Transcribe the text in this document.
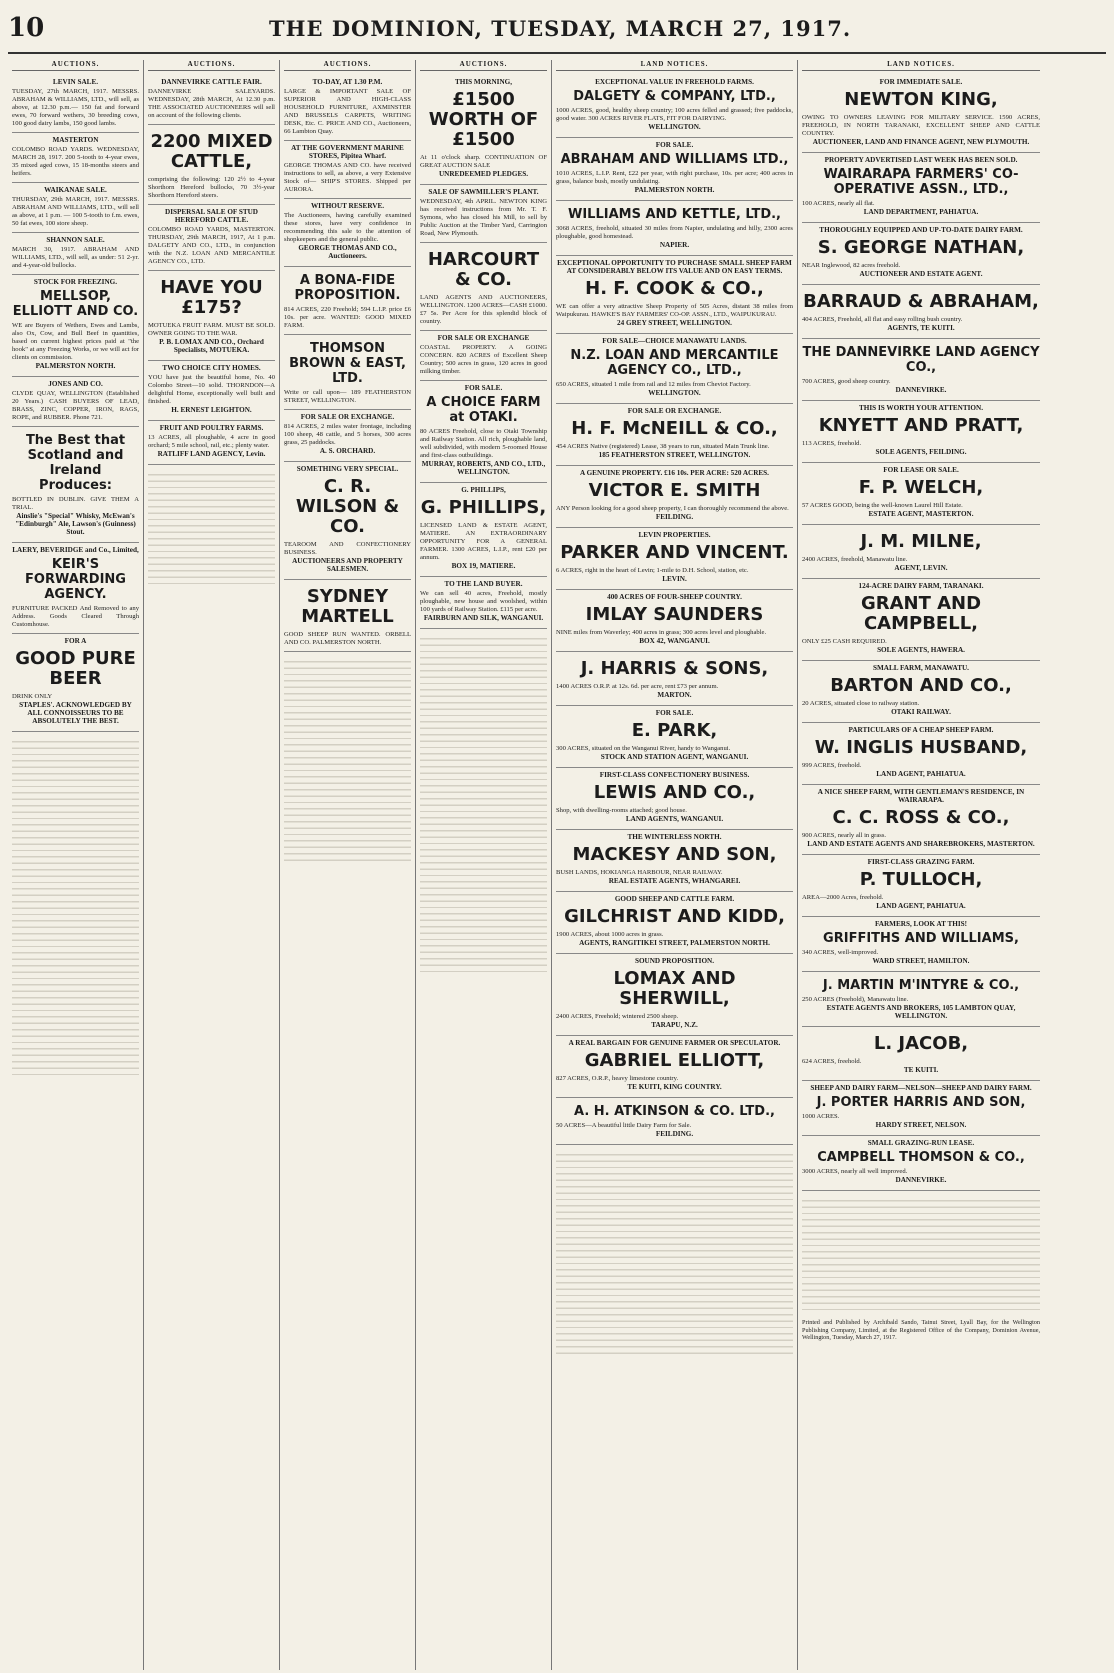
10	THE DOMINION, TUESDAY, MARCH 27, 1917.
AUCTIONS.
LEVIN SALE.

TUESDAY, 27th MARCH, 1917. MESSRS. ABRAHAM & WILLIAMS, LTD., will sell, as above, at 12.30 p.m.— 150 fat and forward ewes, 70 forward wethers, 30 breeding cows, 100 good dairy lambs, 150 good lambs.

MASTERTON

COLOMBO ROAD YARDS. WEDNESDAY, MARCH 28, 1917. 200 5-tooth to 4-year ewes, 35 mixed aged cows, 15 18-months steers and heifers.

WAIKANAE SALE.

THURSDAY, 29th MARCH, 1917. MESSRS. ABRAHAM AND WILLIAMS, LTD., will sell as above, at 1 p.m. — 100 5-tooth to f.m. ewes, 50 fat ewes, 100 store sheep.

SHANNON SALE.

MARCH 30, 1917. ABRAHAM AND WILLIAMS, LTD., will sell, as under: 51 2-yr. and 4-year-old bullocks.

STOCK FOR FREEZING.
MELLSOP, ELLIOTT AND CO.

WE are Buyers of Wethers, Ewes and Lambs, also Ox, Cow, and Bull Beef in quantities, based on current highest prices paid at "the hook" at any Freezing Works, or we will act for clients on commission.

PALMERSTON NORTH.
JONES AND CO.

CLYDE QUAY, WELLINGTON (Established 20 Years.) CASH BUYERS OF LEAD, BRASS, ZINC, COPPER, IRON, RAGS, ROPE, and RUBBER. Phone 721.

The Best that Scotland and Ireland Produces:

BOTTLED IN DUBLIN. GIVE THEM A TRIAL.

Ainslie's "Special" Whisky, McEwan's "Edinburgh" Ale, Lawson's (Guinness) Stout.
LAERY, BEVERIDGE and Co., Limited,
KEIR'S FORWARDING AGENCY.

FURNITURE PACKED And Removed to any Address. Goods Cleared Through Customhouse.

FOR A
GOOD PURE BEER

DRINK ONLY

STAPLES'. ACKNOWLEDGED BY ALL CONNOISSEURS TO BE ABSOLUTELY THE BEST.
AUCTIONS.
DANNEVIRKE CATTLE FAIR.

DANNEVIRKE SALEYARDS. WEDNESDAY, 28th MARCH, At 12.30 p.m. THE ASSOCIATED AUCTIONEERS will sell on account of the following clients.

2200 MIXED CATTLE,

comprising the following: 120 2½ to 4-year Shorthorn Hereford bullocks, 70 3½-year Shorthorn Hereford steers.

DISPERSAL SALE OF STUD HEREFORD CATTLE.

COLOMBO ROAD YARDS, MASTERTON. THURSDAY, 29th MARCH, 1917, At 1 p.m. DALGETY AND CO., LTD., in conjunction with the N.Z. LOAN AND MERCANTILE AGENCY CO., LTD.

HAVE YOU £175?

MOTUEKA FRUIT FARM. MUST BE SOLD. OWNER GOING TO THE WAR.

P. B. LOMAX AND CO., Orchard Specialists, MOTUEKA.
TWO CHOICE CITY HOMES.

YOU have just the beautiful home, No. 40 Colombo Street—10 solid. THORNDON—A delightful Home, exceptionally well built and finished.

H. ERNEST LEIGHTON.
FRUIT AND POULTRY FARMS.

13 ACRES, all ploughable, 4 acre in good orchard; 5 mile school, rail, etc.; plenty water.

RATLIFF LAND AGENCY, Levin.
AUCTIONS.
TO-DAY, AT 1.30 P.M.

LARGE & IMPORTANT SALE OF SUPERIOR AND HIGH-CLASS HOUSEHOLD FURNITURE, AXMINSTER AND BRUSSELS CARPETS, WRITING DESK, Etc. C. PRICE AND CO., Auctioneers, 66 Lambton Quay.

AT THE GOVERNMENT MARINE STORES, Pipitea Wharf.

GEORGE THOMAS AND CO. have received instructions to sell, as above, a very Extensive Stock of— SHIP'S STORES. Shipped per AURORA.

WITHOUT RESERVE.

The Auctioneers, having carefully examined these stores, have very confidence in recommending this sale to the attention of shopkeepers and the general public.

GEORGE THOMAS AND CO., Auctioneers.
A BONA-FIDE PROPOSITION.

814 ACRES, 220 Freehold; 594 L.I.P. price £6 10s. per acre. WANTED: GOOD MIXED FARM.

THOMSON BROWN & EAST, LTD.

Write or call upon— 189 FEATHERSTON STREET, WELLINGTON.

FOR SALE OR EXCHANGE.

814 ACRES, 2 miles water frontage, including 100 sheep, 48 cattle, and 5 horses, 300 acres grass, 25 paddocks.

A. S. ORCHARD.
SOMETHING VERY SPECIAL.
C. R. WILSON & CO.

TEAROOM AND CONFECTIONERY BUSINESS.

AUCTIONEERS AND PROPERTY SALESMEN.
SYDNEY MARTELL

GOOD SHEEP RUN WANTED. ORBELL AND CO. PALMERSTON NORTH.

AUCTIONS.
THIS MORNING,
£1500 WORTH OF £1500

At 11 o'clock sharp. CONTINUATION OF GREAT AUCTION SALE

UNREDEEMED PLEDGES.
SALE OF SAWMILLER'S PLANT.

WEDNESDAY, 4th APRIL. NEWTON KING has received instructions from Mr. T. F. Symons, who has closed his Mill, to sell by Public Auction at the Timber Yard, Carrington Road, New Plymouth.

HARCOURT & CO.

LAND AGENTS AND AUCTIONEERS, WELLINGTON. 1200 ACRES—CASH £1000. £7 5s. Per Acre for this splendid block of country.

FOR SALE OR EXCHANGE

COASTAL PROPERTY. A GOING CONCERN. 820 ACRES of Excellent Sheep Country; 500 acres in grass, 120 acres in good milking timber.

FOR SALE.
A CHOICE FARM at OTAKI.

80 ACRES Freehold, close to Otaki Township and Railway Station. All rich, ploughable land, well subdivided, with modern 5-roomed House and first-class outbuildings.

MURRAY, ROBERTS, AND CO., LTD., WELLINGTON.
G. PHILLIPS,
G. PHILLIPS,

LICENSED LAND & ESTATE AGENT, MATIERE. AN EXTRAORDINARY OPPORTUNITY FOR A GENERAL FARMER. 1300 ACRES, L.I.P., rent £20 per annum.

BOX 19, MATIERE.
TO THE LAND BUYER.

We can sell 40 acres, Freehold, mostly ploughable, new house and woolshed, within 100 yards of Railway Station. £115 per acre.

FAIRBURN AND SILK, WANGANUI.
LAND NOTICES.
EXCEPTIONAL VALUE IN FREEHOLD FARMS.
DALGETY & COMPANY, LTD.,

1000 ACRES, good, healthy sheep country; 100 acres felled and grassed; five paddocks, good water. 300 ACRES RIVER FLATS, FIT FOR DAIRYING.

WELLINGTON.
FOR SALE.
ABRAHAM AND WILLIAMS LTD.,

1010 ACRES, L.I.P. Rent, £22 per year, with right purchase, 10s. per acre; 400 acres in grass, balance bush, mostly undulating.

PALMERSTON NORTH.
WILLIAMS AND KETTLE, LTD.,

3068 ACRES, freehold, situated 30 miles from Napier, undulating and hilly, 2300 acres ploughable, good homestead.

NAPIER.
EXCEPTIONAL OPPORTUNITY TO PURCHASE SMALL SHEEP FARM AT CONSIDERABLY BELOW ITS VALUE AND ON EASY TERMS.
H. F. COOK & CO.,

WE can offer a very attractive Sheep Property of 505 Acres, distant 38 miles from Waipukurau. HAWKE'S BAY FARMERS' CO-OP. ASSN., LTD., WAIPUKURAU.

24 GREY STREET, WELLINGTON.
FOR SALE—CHOICE MANAWATU LANDS.
N.Z. LOAN AND MERCANTILE AGENCY CO., LTD.,

650 ACRES, situated 1 mile from rail and 12 miles from Cheviot Factory.

WELLINGTON.
FOR SALE OR EXCHANGE.
H. F. McNEILL & CO.,

454 ACRES Native (registered) Lease, 38 years to run, situated Main Trunk line.

185 FEATHERSTON STREET, WELLINGTON.
A GENUINE PROPERTY. £16 10s. PER ACRE: 520 ACRES.
VICTOR E. SMITH

ANY Person looking for a good sheep property, I can thoroughly recommend the above.

FEILDING.
LEVIN PROPERTIES.
PARKER AND VINCENT.

6 ACRES, right in the heart of Levin; 1-mile to D.H. School, station, etc.

LEVIN.
400 ACRES OF FOUR-SHEEP COUNTRY.
IMLAY SAUNDERS

NINE miles from Waverley; 400 acres in grass; 300 acres level and ploughable.

BOX 42, WANGANUI.
J. HARRIS & SONS,

1400 ACRES O.R.P. at 12s. 6d. per acre, rent £73 per annum.

MARTON.
FOR SALE.
E. PARK,

300 ACRES, situated on the Wanganui River, handy to Wanganui.

STOCK AND STATION AGENT, WANGANUI.
FIRST-CLASS CONFECTIONERY BUSINESS.
LEWIS AND CO.,

Shop, with dwelling-rooms attached; good house.

LAND AGENTS, WANGANUI.
THE WINTERLESS NORTH.
MACKESY AND SON,

BUSH LANDS, HOKIANGA HARBOUR, NEAR RAILWAY.

REAL ESTATE AGENTS, WHANGAREI.
GOOD SHEEP AND CATTLE FARM.
GILCHRIST AND KIDD,

1900 ACRES, about 1000 acres in grass.

AGENTS, RANGITIKEI STREET, PALMERSTON NORTH.
SOUND PROPOSITION.
LOMAX AND SHERWILL,

2400 ACRES, Freehold; wintered 2500 sheep.

TARAPU, N.Z.
A REAL BARGAIN FOR GENUINE FARMER OR SPECULATOR.
GABRIEL ELLIOTT,

827 ACRES, O.R.P., heavy limestone country.

TE KUITI, KING COUNTRY.
A. H. ATKINSON & CO. LTD.,

50 ACRES—A beautiful little Dairy Farm for Sale.

FEILDING.
LAND NOTICES.
FOR IMMEDIATE SALE.
NEWTON KING,

OWING TO OWNERS LEAVING FOR MILITARY SERVICE. 1590 ACRES, FREEHOLD, IN NORTH TARANAKI, EXCELLENT SHEEP AND CATTLE COUNTRY.

AUCTIONEER, LAND AND FINANCE AGENT, NEW PLYMOUTH.
PROPERTY ADVERTISED LAST WEEK HAS BEEN SOLD.
WAIRARAPA FARMERS' CO-OPERATIVE ASSN., LTD.,

100 ACRES, nearly all flat.

LAND DEPARTMENT, PAHIATUA.
THOROUGHLY EQUIPPED AND UP-TO-DATE DAIRY FARM.
S. GEORGE NATHAN,

NEAR Inglewood, 82 acres freehold.

AUCTIONEER AND ESTATE AGENT.
BARRAUD & ABRAHAM,

404 ACRES, Freehold, all flat and easy rolling bush country.

AGENTS, TE KUITI.
THE DANNEVIRKE LAND AGENCY CO.,

700 ACRES, good sheep country.

DANNEVIRKE.
THIS IS WORTH YOUR ATTENTION.
KNYETT AND PRATT,

113 ACRES, freehold.

SOLE AGENTS, FEILDING.
FOR LEASE OR SALE.
F. P. WELCH,

57 ACRES GOOD, being the well-known Laurel Hill Estate.

ESTATE AGENT, MASTERTON.
J. M. MILNE,

2400 ACRES, freehold, Manawatu line.

AGENT, LEVIN.
124-ACRE DAIRY FARM, TARANAKI.
GRANT AND CAMPBELL,

ONLY £25 CASH REQUIRED.

SOLE AGENTS, HAWERA.
SMALL FARM, MANAWATU.
BARTON AND CO.,

20 ACRES, situated close to railway station.

OTAKI RAILWAY.
PARTICULARS OF A CHEAP SHEEP FARM.
W. INGLIS HUSBAND,

999 ACRES, freehold.

LAND AGENT, PAHIATUA.
A NICE SHEEP FARM, WITH GENTLEMAN'S RESIDENCE, IN WAIRARAPA.
C. C. ROSS & CO.,

900 ACRES, nearly all in grass.

LAND AND ESTATE AGENTS AND SHAREBROKERS, MASTERTON.
FIRST-CLASS GRAZING FARM.
P. TULLOCH,

AREA—2000 Acres, freehold.

LAND AGENT, PAHIATUA.
FARMERS, LOOK AT THIS!
GRIFFITHS AND WILLIAMS,

340 ACRES, well-improved.

WARD STREET, HAMILTON.
J. MARTIN M'INTYRE & CO.,

250 ACRES (Freehold), Manawatu line.

ESTATE AGENTS AND BROKERS, 105 LAMBTON QUAY, WELLINGTON.
L. JACOB,

624 ACRES, freehold.

TE KUITI.
SHEEP AND DAIRY FARM—NELSON—SHEEP AND DAIRY FARM.
J. PORTER HARRIS AND SON,

1000 ACRES.

HARDY STREET, NELSON.
SMALL GRAZING-RUN LEASE.
CAMPBELL THOMSON & CO.,

3000 ACRES, nearly all well improved.

DANNEVIRKE.

Printed and Published by Archibald Sando, Tainui Street, Lyall Bay, for the Wellington Publishing Company, Limited, at the Registered Office of the Company, Dominion Avenue, Wellington, Tuesday, March 27, 1917.
